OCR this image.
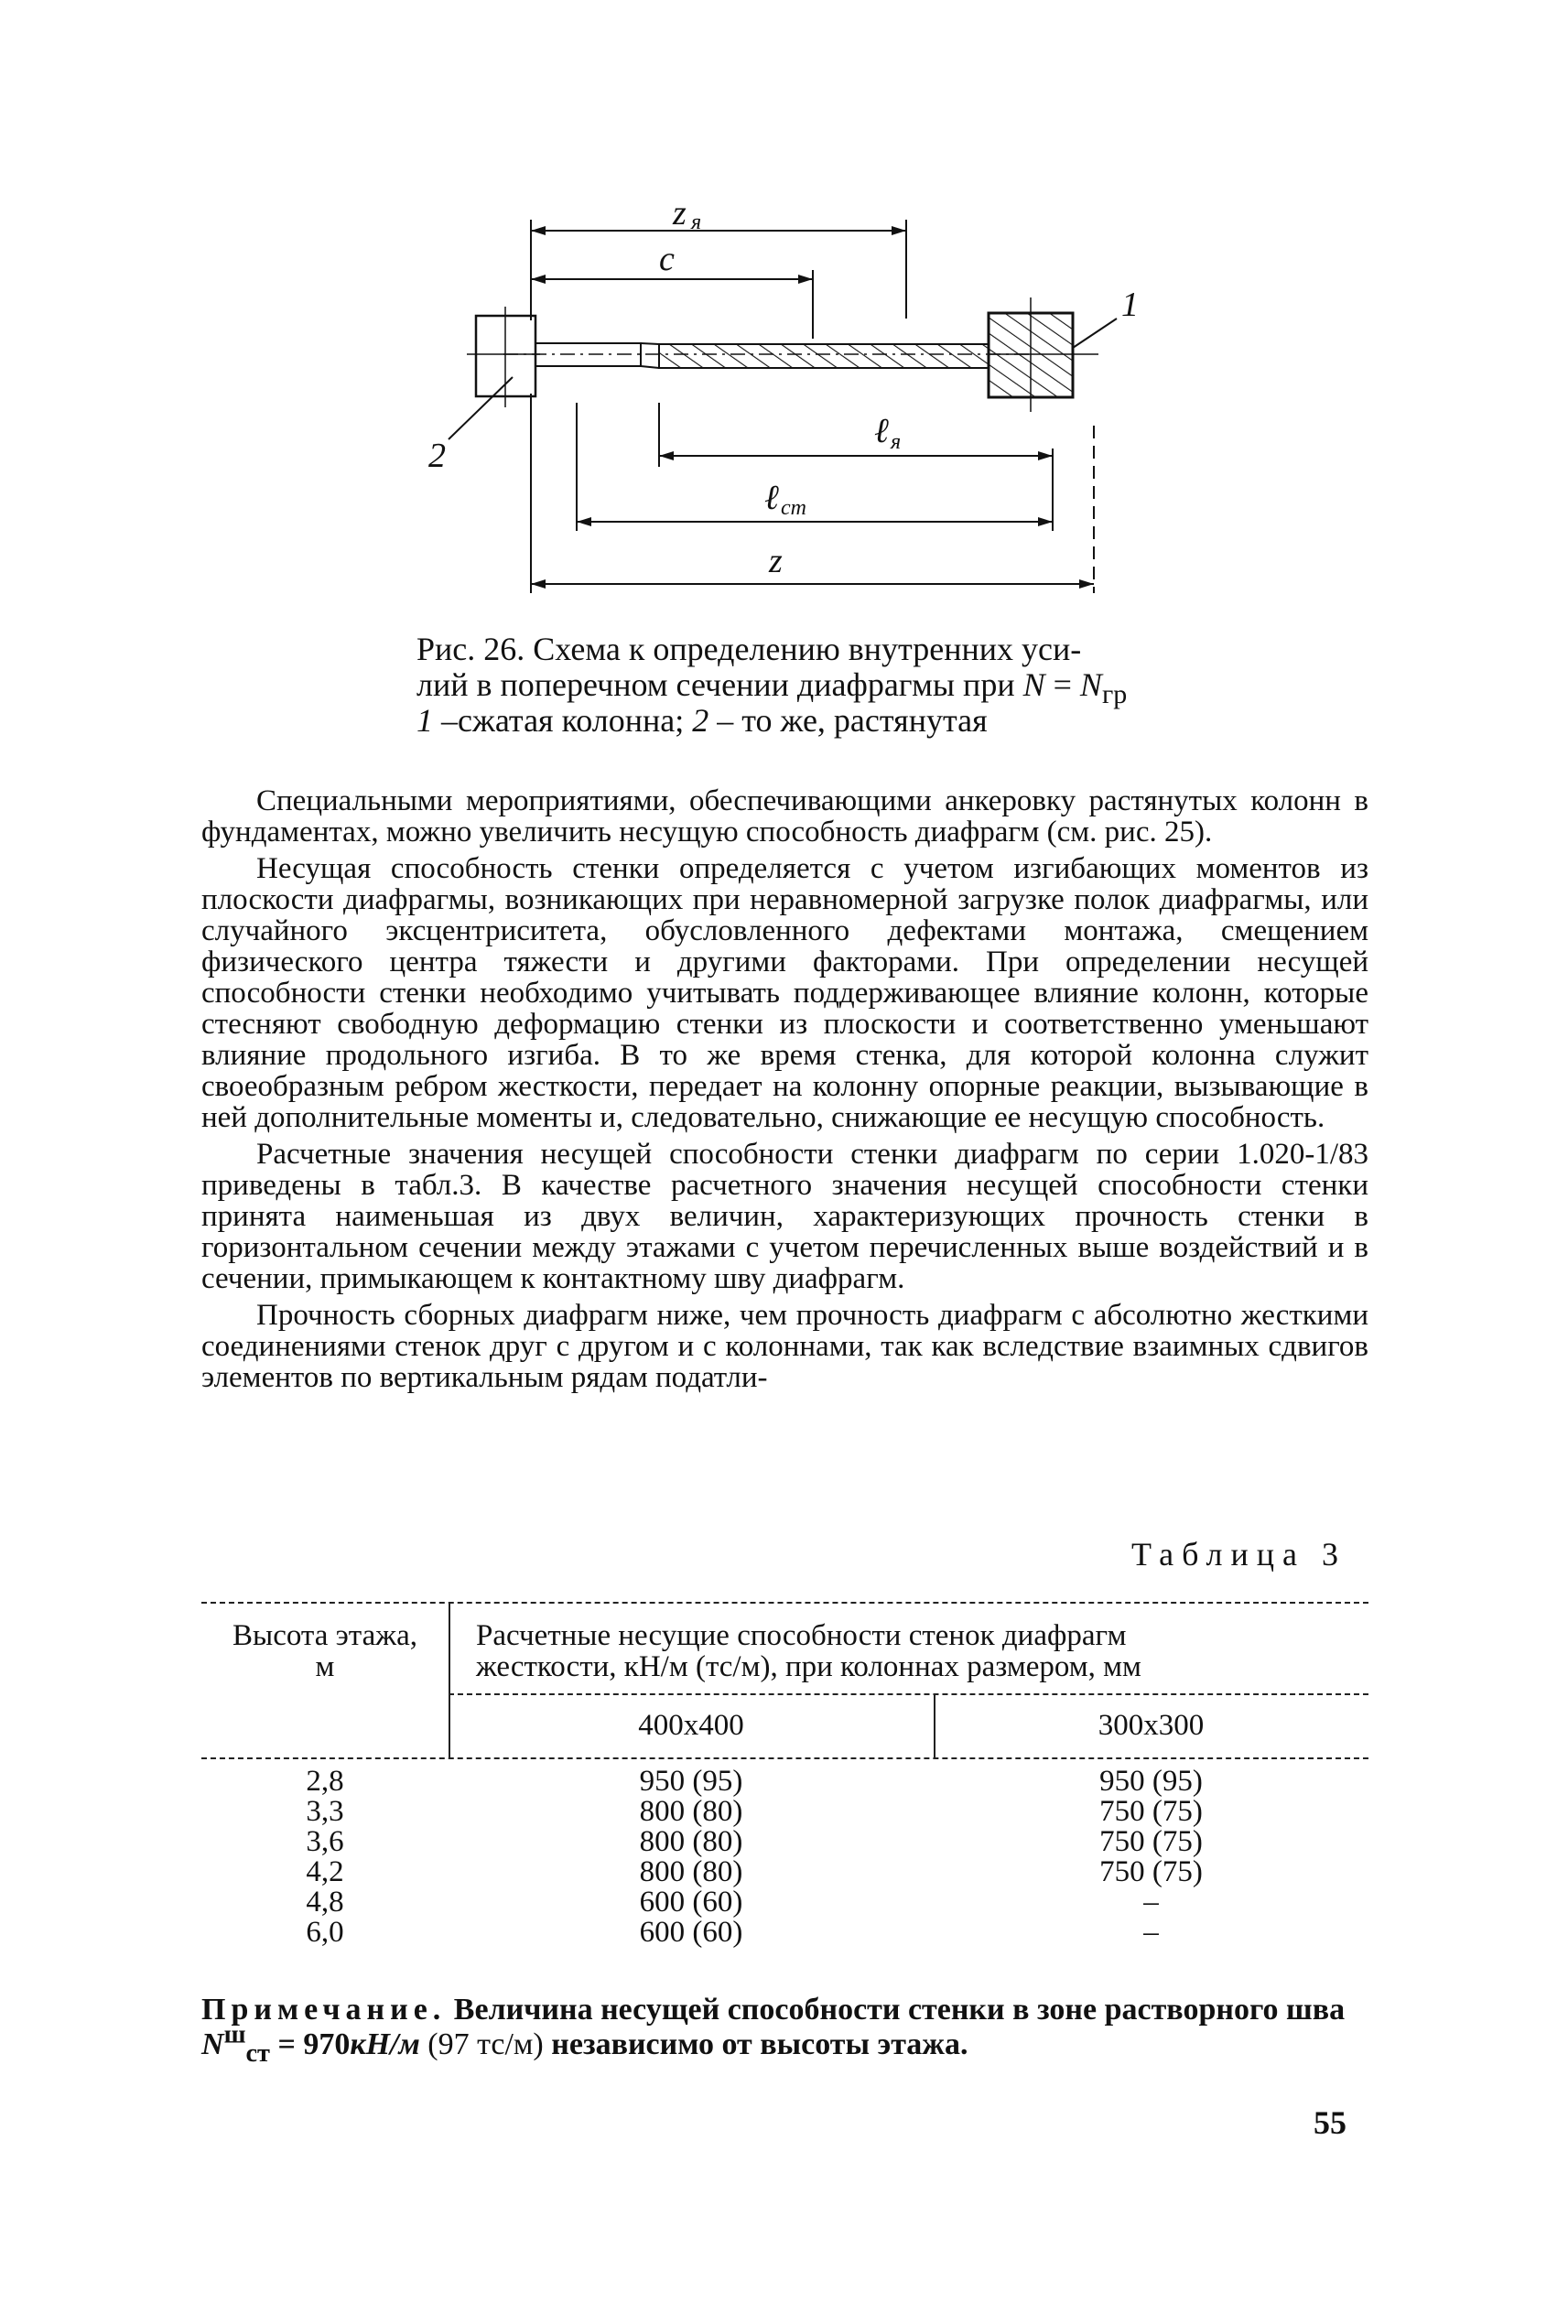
z я
c
2
1
ℓ я
ℓ ст
z
Рис. 26. Схема к определению внутренних уси-
лий в поперечном сечении диафрагмы при $N = N_{гр}$
1 –сжатая колонна; 2 – то же, растянутая

Специальными мероприятиями, обеспечивающими анкеровку растянутых колонн в фундаментах, можно увеличить несущую способность диафрагм (см. рис. 25).

Несущая способность стенки определяется с учетом изгибающих моментов из плоскости диафрагмы, возникающих при неравномерной загрузке полок диафрагмы, или случайного эксцентриситета, обусловленного дефектами монтажа, смещением физического центра тяжести и другими факторами. При определении несущей способности стенки необходимо учитывать поддерживающее влияние колонн, которые стесняют свободную деформацию стенки из плоскости и соответственно уменьшают влияние продольного изгиба. В то же время стенка, для которой колонна служит своеобразным ребром жесткости, передает на колонну опорные реакции, вызывающие в ней дополнительные моменты и, следовательно, снижающие ее несущую способность.

Расчетные значения несущей способности стенки диафрагм по серии 1.020-1/83 приведены в табл.3. В качестве расчетного значения несущей способности стенки принята наименьшая из двух величин, характеризующих прочность стенки в горизонтальном сечении между этажами с учетом перечисленных выше воздействий и в сечении, примыкающем к контактному шву диафрагм.

Прочность сборных диафрагм ниже, чем прочность диафрагм с абсолютно жесткими соединениями стенок друг с другом и с колоннами, так как вследствие взаимных сдвигов элементов по вертикальным рядам податли-

Таблица 3
Высота этажа,
м
Расчетные несущие способности стенок диафрагм
жесткости, кН/м (тс/м), при колоннах размером, мм
400x400	300x300
2,8
3,3
3,6
4,2
4,8
6,0
950 (95)
800 (80)
800 (80)
800 (80)
600 (60)
600 (60)
950 (95)
750 (75)
750 (75)
750 (75)
–
–
Примечание. Величина несущей способности стенки в зоне растворного шва $N^ш_{ст} = 970кН/м$ (97 тс/м) независимо от высоты этажа.
55
